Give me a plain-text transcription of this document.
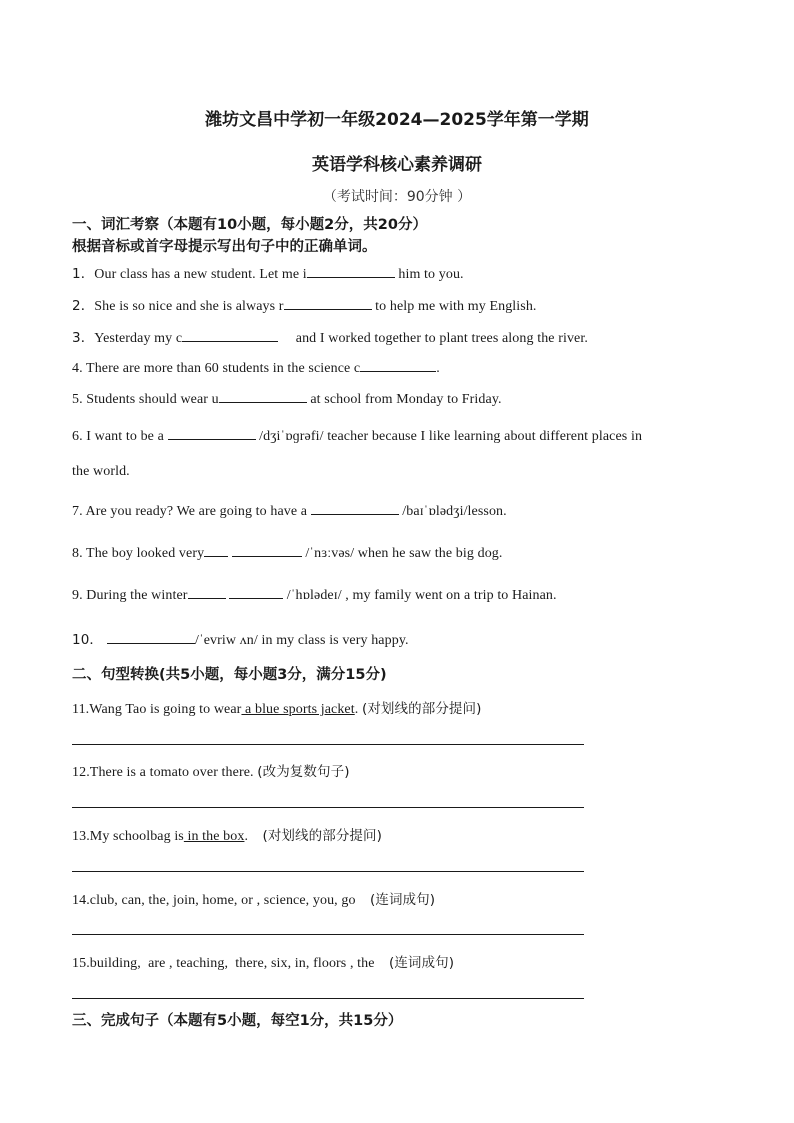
潍坊文昌中学初一年级2024—2025学年第一学期
英语学科核心素养调研
（考试时间：90分钟 ）
一、词汇考察（本题有10小题，每小题2分，共20分）
根据音标或首字母提示写出句子中的正确单词。
1．Our class has a new student. Let me i	him to you.
2．She is so nice and she is always r	to help me with my English.
3．Yesterday my c	and I worked together to plant trees along the river.
4. There are more than 60 students in the science c	.
5. Students should wear u	at school from Monday to Friday.
6. I want to be a	/dʒiˈɒɡrəfi/ teacher because I like learning about different places in
the world.
7. Are you ready? We are going to have a	/baɪˈɒlədʒi/lesson.
8. The boy looked very	/ˈnɜːvəs/ when he saw the big dog.
9. During the winter	/ˈhɒlədeɪ/ , my family went on a trip to Hainan.
10．	/ˈevriw ʌn/ in my class is very happy.
二、句型转换(共5小题，每小题3分，满分15分)
11.Wang Tao is going to wear a blue sports jacket. (对划线的部分提问)
12.There is a tomato over there. (改为复数句子)
13.My schoolbag is in the box.    (对划线的部分提问)
14.club, can, the, join, home, or , science, you, go    (连词成句)
15.building,  are , teaching,  there, six, in, floors , the    (连词成句)
三、完成句子（本题有5小题，每空1分，共15分）
